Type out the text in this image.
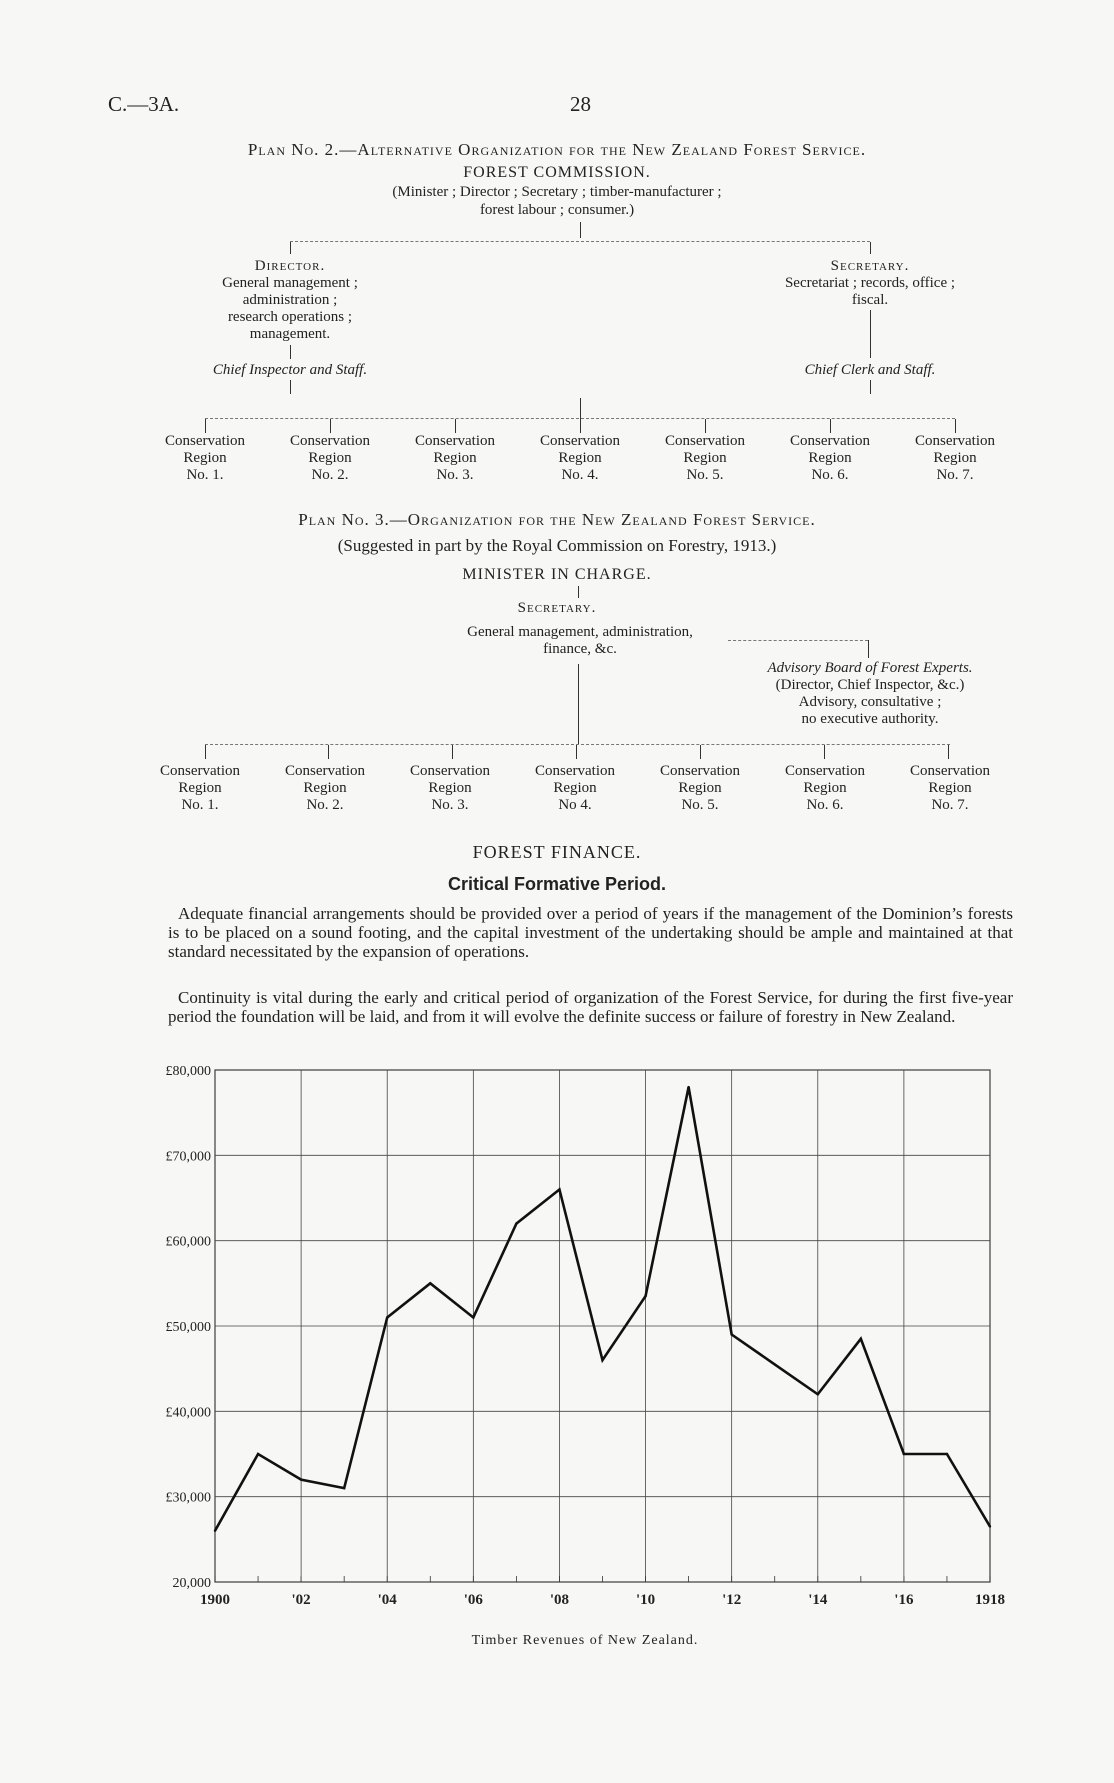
C.—3A.	28
Plan No. 2.—Alternative Organization for the New Zealand Forest Service.
FOREST COMMISSION.
(Minister ; Director ; Secretary ; timber-manufacturer ;
forest labour ; consumer.)
Director.
General management ;
administration ;
research operations ;
management.
Chief Inspector and Staff.
Secretary.
Secretariat ; records, office ;
fiscal.
Chief Clerk and Staff.
Conservation
Region
No. 1.
Conservation
Region
No. 2.
Conservation
Region
No. 3.
Conservation
Region
No. 4.
Conservation
Region
No. 5.
Conservation
Region
No. 6.
Conservation
Region
No. 7.
Plan No. 3.—Organization for the New Zealand Forest Service.
(Suggested in part by the Royal Commission on Forestry, 1913.)
MINISTER IN CHARGE.
Secretary.
General management, administration,
finance, &c.
Advisory Board of Forest Experts.
(Director, Chief Inspector, &c.)
Advisory, consultative ;
no executive authority.
Conservation
Region
No. 1.
Conservation
Region
No. 2.
Conservation
Region
No. 3.
Conservation
Region
No 4.
Conservation
Region
No. 5.
Conservation
Region
No. 6.
Conservation
Region
No. 7.
FOREST FINANCE.
Critical Formative Period.
Adequate financial arrangements should be provided over a period of years if the management of the Dominion’s forests is to be placed on a sound footing, and the capital investment of the undertaking should be ample and maintained at that standard necessitated by the expansion of operations.
Continuity is vital during the early and critical period of organization of the Forest Service, for during the first five-year period the foundation will be laid, and from it will evolve the definite success or failure of forestry in New Zealand.
20,000
£30,000
£40,000
£50,000
£60,000
£70,000
£80,000
1900	'02	'04	'06	'08	'10	'12	'14	'16	1918
Timber Revenues of New Zealand.
